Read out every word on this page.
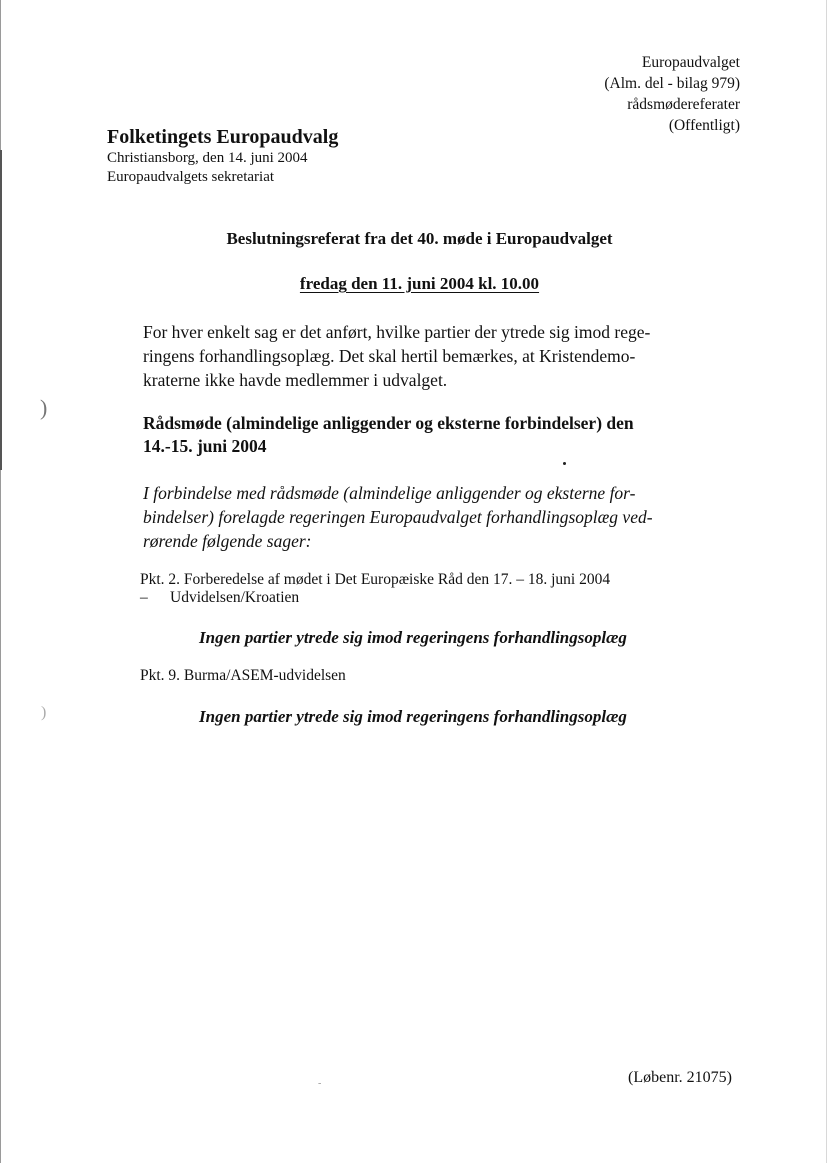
)
)
Europaudvalget
(Alm. del - bilag 979)
rådsmødereferater
(Offentligt)
Folketingets Europaudvalg
Christiansborg, den 14. juni 2004
Europaudvalgets sekretariat
Beslutningsreferat fra det 40. møde i Europaudvalget
fredag den 11. juni 2004 kl. 10.00
For hver enkelt sag er det anført, hvilke partier der ytrede sig imod rege-
ringens forhandlingsoplæg. Det skal hertil bemærkes, at Kristendemo-
kraterne ikke havde medlemmer i udvalget.
Rådsmøde (almindelige anliggender og eksterne forbindelser) den
14.-15. juni 2004
I forbindelse med rådsmøde (almindelige anliggender og eksterne for-
bindelser) forelagde regeringen Europaudvalget forhandlingsoplæg ved-
rørende følgende sager:
Pkt. 2. Forberedelse af mødet i Det Europæiske Råd den 17. – 18. juni 2004
– Udvidelsen/Kroatien
Ingen partier ytrede sig imod regeringens forhandlingsoplæg
Pkt. 9. Burma/ASEM-udvidelsen
Ingen partier ytrede sig imod regeringens forhandlingsoplæg
-	(Løbenr. 21075)
